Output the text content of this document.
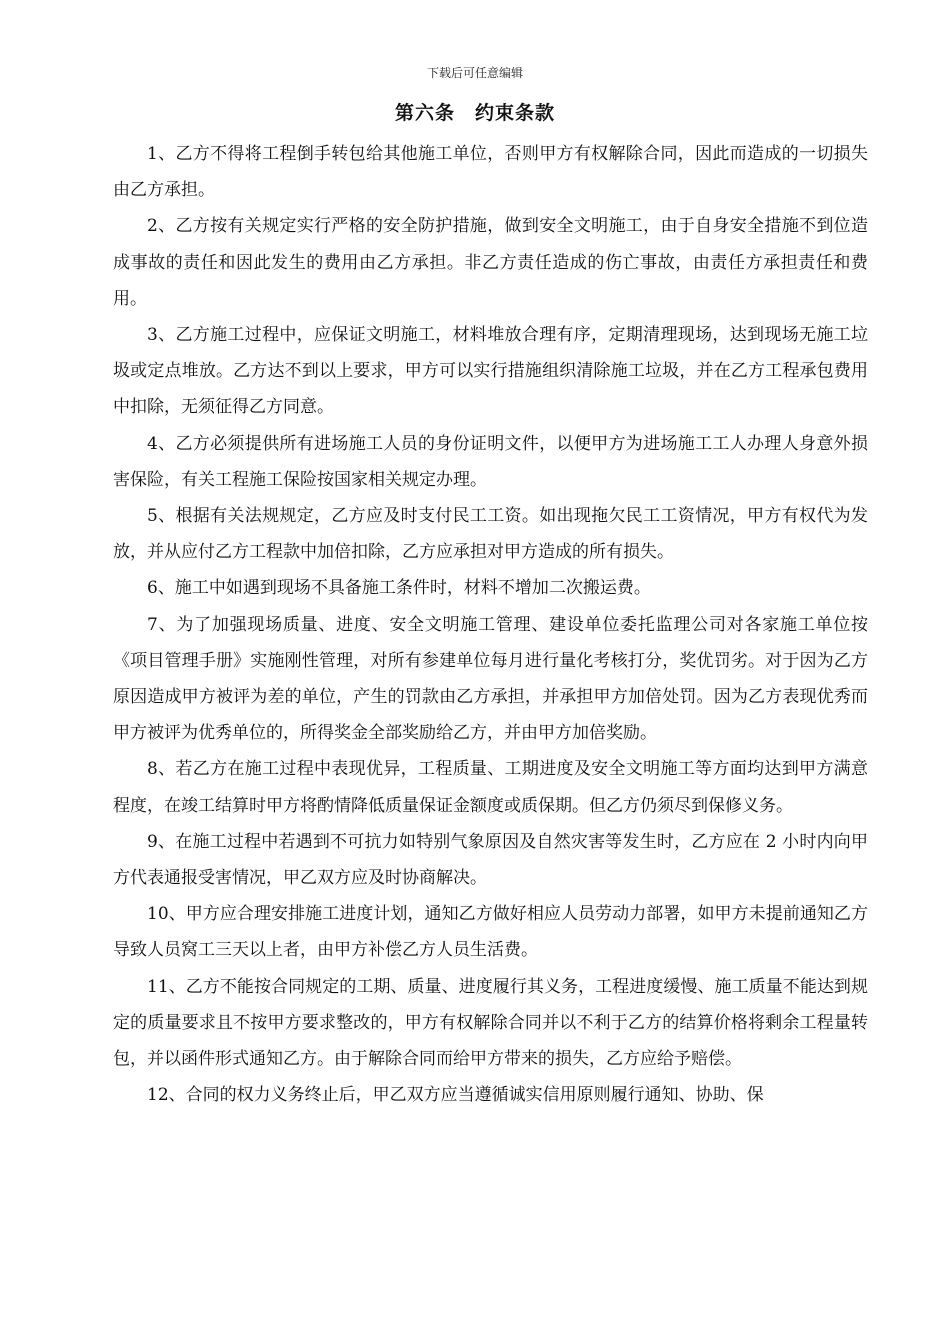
下载后可任意编辑
第六条　约束条款

1、乙方不得将工程倒手转包给其他施工单位，否则甲方有权解除合同，因此而造成的一切损失由乙方承担。

2、乙方按有关规定实行严格的安全防护措施，做到安全文明施工，由于自身安全措施不到位造成事故的责任和因此发生的费用由乙方承担。非乙方责任造成的伤亡事故，由责任方承担责任和费用。

3、乙方施工过程中，应保证文明施工，材料堆放合理有序，定期清理现场，达到现场无施工垃圾或定点堆放。乙方达不到以上要求，甲方可以实行措施组织清除施工垃圾，并在乙方工程承包费用中扣除，无须征得乙方同意。

4、乙方必须提供所有进场施工人员的身份证明文件，以便甲方为进场施工工人办理人身意外损害保险，有关工程施工保险按国家相关规定办理。

5、根据有关法规规定，乙方应及时支付民工工资。如出现拖欠民工工资情况，甲方有权代为发放，并从应付乙方工程款中加倍扣除，乙方应承担对甲方造成的所有损失。

6、施工中如遇到现场不具备施工条件时，材料不增加二次搬运费。

7、为了加强现场质量、进度、安全文明施工管理、建设单位委托监理公司对各家施工单位按《项目管理手册》实施刚性管理，对所有参建单位每月进行量化考核打分，奖优罚劣。对于因为乙方原因造成甲方被评为差的单位，产生的罚款由乙方承担，并承担甲方加倍处罚。因为乙方表现优秀而甲方被评为优秀单位的，所得奖金全部奖励给乙方，并由甲方加倍奖励。

8、若乙方在施工过程中表现优异，工程质量、工期进度及安全文明施工等方面均达到甲方满意程度，在竣工结算时甲方将酌情降低质量保证金额度或质保期。但乙方仍须尽到保修义务。

9、在施工过程中若遇到不可抗力如特别气象原因及自然灾害等发生时，乙方应在 2 小时内向甲方代表通报受害情况，甲乙双方应及时协商解决。

10、甲方应合理安排施工进度计划，通知乙方做好相应人员劳动力部署，如甲方未提前通知乙方导致人员窝工三天以上者，由甲方补偿乙方人员生活费。

11、乙方不能按合同规定的工期、质量、进度履行其义务，工程进度缓慢、施工质量不能达到规定的质量要求且不按甲方要求整改的，甲方有权解除合同并以不利于乙方的结算价格将剩余工程量转包，并以函件形式通知乙方。由于解除合同而给甲方带来的损失，乙方应给予赔偿。

12、合同的权力义务终止后，甲乙双方应当遵循诚实信用原则履行通知、协助、保
